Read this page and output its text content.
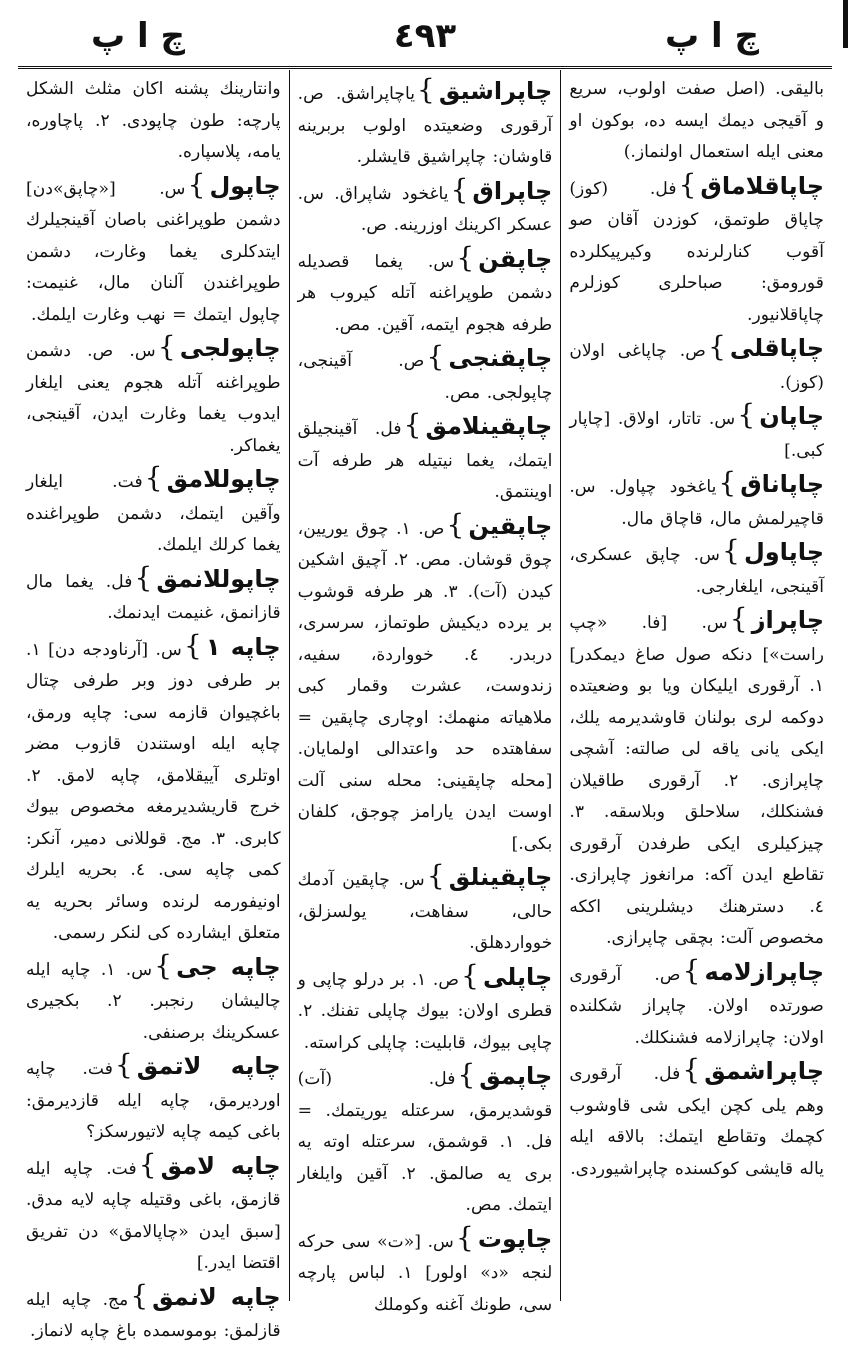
چ ا پ	٤٩٣	چ ا پ

وانتارینك پشنه اكان مثلث الشكل پارچه: طون چاپودی. ٢. پاچاوره، یامه، پلاسپاره.

چاپول}س. [«چاپق»دن] دشمن طوپراغنی باصان آقینجیلرك ایتدكلری یغما وغارت، دشمن طوپراغندن آلنان مال، غنیمت: چاپول ایتمك = نهب وغارت ایلمك.

چاپولجی}س. ص. دشمن طوپراغنه آتله هجوم یعنی ایلغار ایدوب یغما وغارت ایدن، آقینجی، یغماكر.

چاپوللامق}فت. ایلغار وآقین ایتمك، دشمن طوپراغنده یغما كرلك ایلمك.

چاپوللانمق}فل. یغما مال قازانمق، غنیمت ایدنمك.

چاپه ١}س. [آرناودجه دن] ١. بر طرفی دوز وبر طرفی چتال باغچیوان قازمه سی: چاپه ورمق، چاپه ایله اوستندن قازوب مضر اوتلری آییقلامق، چاپه لامق. ٢. خرج قاریشدیرمغه مخصوص بیوك كابری. ٣. مج. قوللانی دمیر، آنكر: كمی چاپه سی. ٤. بحریه ایلرك اونیفورمه لرنده وسائر بحریه یه متعلق ایشارده كی لنكر رسمی.

چاپه جی}س. ١. چاپه ایله چالیشان رنجبر. ٢. بكجیری عسكرینك برصنفی.

چاپه لاتمق}فت. چاپه اوردیرمق، چاپه ایله قازدیرمق: باغی كیمه چاپه لاتیورسكز؟

چاپه لامق}فت. چاپه ایله قازمق، باغی وقتیله چاپه لایه مدق. [سبق ایدن «چاپالامق» دن تفریق اقتضا ایدر.]

چاپه لانمق}مج. چاپه ایله قازلمق: بوموسمده باغ چاپه لانماز.

چاپراشیق}یاچاپراشق. ص. آرقوری وضعیتده اولوب بربرینه قاوشان: چاپراشیق قایشلر.

چاپراق}یاغخود شاپراق. س. عسكر اكرینك اوزرینه. ص.

چاپقن}س. یغما قصدیله دشمن طوپراغنه آتله كیروب هر طرفه هجوم ایتمه، آقین. مص.

چاپقنجی}ص. آقینجی، چاپولجی. مص.

چاپقینلامق}فل. آقینجیلق ایتمك، یغما نیتیله هر طرفه آت اوینتمق.

چاپقین}ص. ١. چوق یوریین، چوق قوشان. مص. ٢. آچیق اشكین كیدن (آت). ٣. هر طرفه قوشوب بر یرده دیكیش طوتماز، سرسری، دربدر. ٤. خوواردة، سفیه، زندوست، عشرت وقمار كبی ملاهیاته منهمك: اوچاری چاپقین = سفاهتده حد واعتدالی اولمایان. [محله چاپقینی: محله سنی آلت اوست ایدن یارامز چوجق، كلفان بكی.]

چاپقینلق}س. چاپقین آدمك حالی، سفاهت، یولسزلق، خوواردهلق.

چاپلی}ص. ١. بر درلو چاپی و قطری اولان: بیوك چاپلی تفنك. ٢. چاپی بیوك، قابلیت: چاپلی كراسته.

چاپمق}فل. (آت) قوشدیرمق، سرعتله یوریتمك. = فل. ١. قوشمق، سرعتله اوته یه بری یه صالمق. ٢. آقین وایلغار ایتمك. مص.

چاپوت}س. [«ت» سی حركه لنجه «د» اولور] ١. لباس پارچه سی، طونك آغنه وكوملك

بالیقی. (اصل صفت اولوب، سریع و آقیجی دیمك ایسه ده، بوكون او معنی ایله استعمال اولنماز.)

چاپاقلاماق}فل. (كوز) چاپاق طوتمق، كوزدن آقان صو آقوب كنارلرنده وكیرپیكلرده قورومق: صباحلری كوزلرم چاپاقلانیور.

چاپاقلی}ص. چاپاغی اولان (كوز).

چاپان}س. تاتار، اولاق. [چاپار كبی.]

چاپاناق}یاغخود چپاول. س. قاچیرلمش مال، قاچاق مال.

چاپاول}س. چاپق عسكری، آقینجی، ایلغارجی.

چاپراز}س. [فا. «چپ راست»] دنكه صول صاغ دیمكدر] ١. آرقوری ایلیكان ویا بو وضعیتده دوكمه لری بولنان قاوشدیرمه یلك، ایكی یانی یاقه لی صالته: آشچی چاپرازی. ٢. آرقوری طاقیلان فشنكلك، سلاحلق وبلاسقه. ٣. چیزكیلری ایكی طرفدن آرقوری تقاطع ایدن آكه: مرانغوز چاپرازی. ٤. دسترهنك دیشلرینی اككه مخصوص آلت: بچقی چاپرازی.

چاپرازلامه}ص. آرقوری صورتده اولان. چاپراز شكلنده اولان: چاپرازلامه فشنكلك.

چاپراشمق}فل. آرقوری وهم یلی كچن ایكی شی قاوشوب كچمك وتقاطع ایتمك: بالاقه ایله یاله قایشی كوكسنده چاپراشیوردی.
